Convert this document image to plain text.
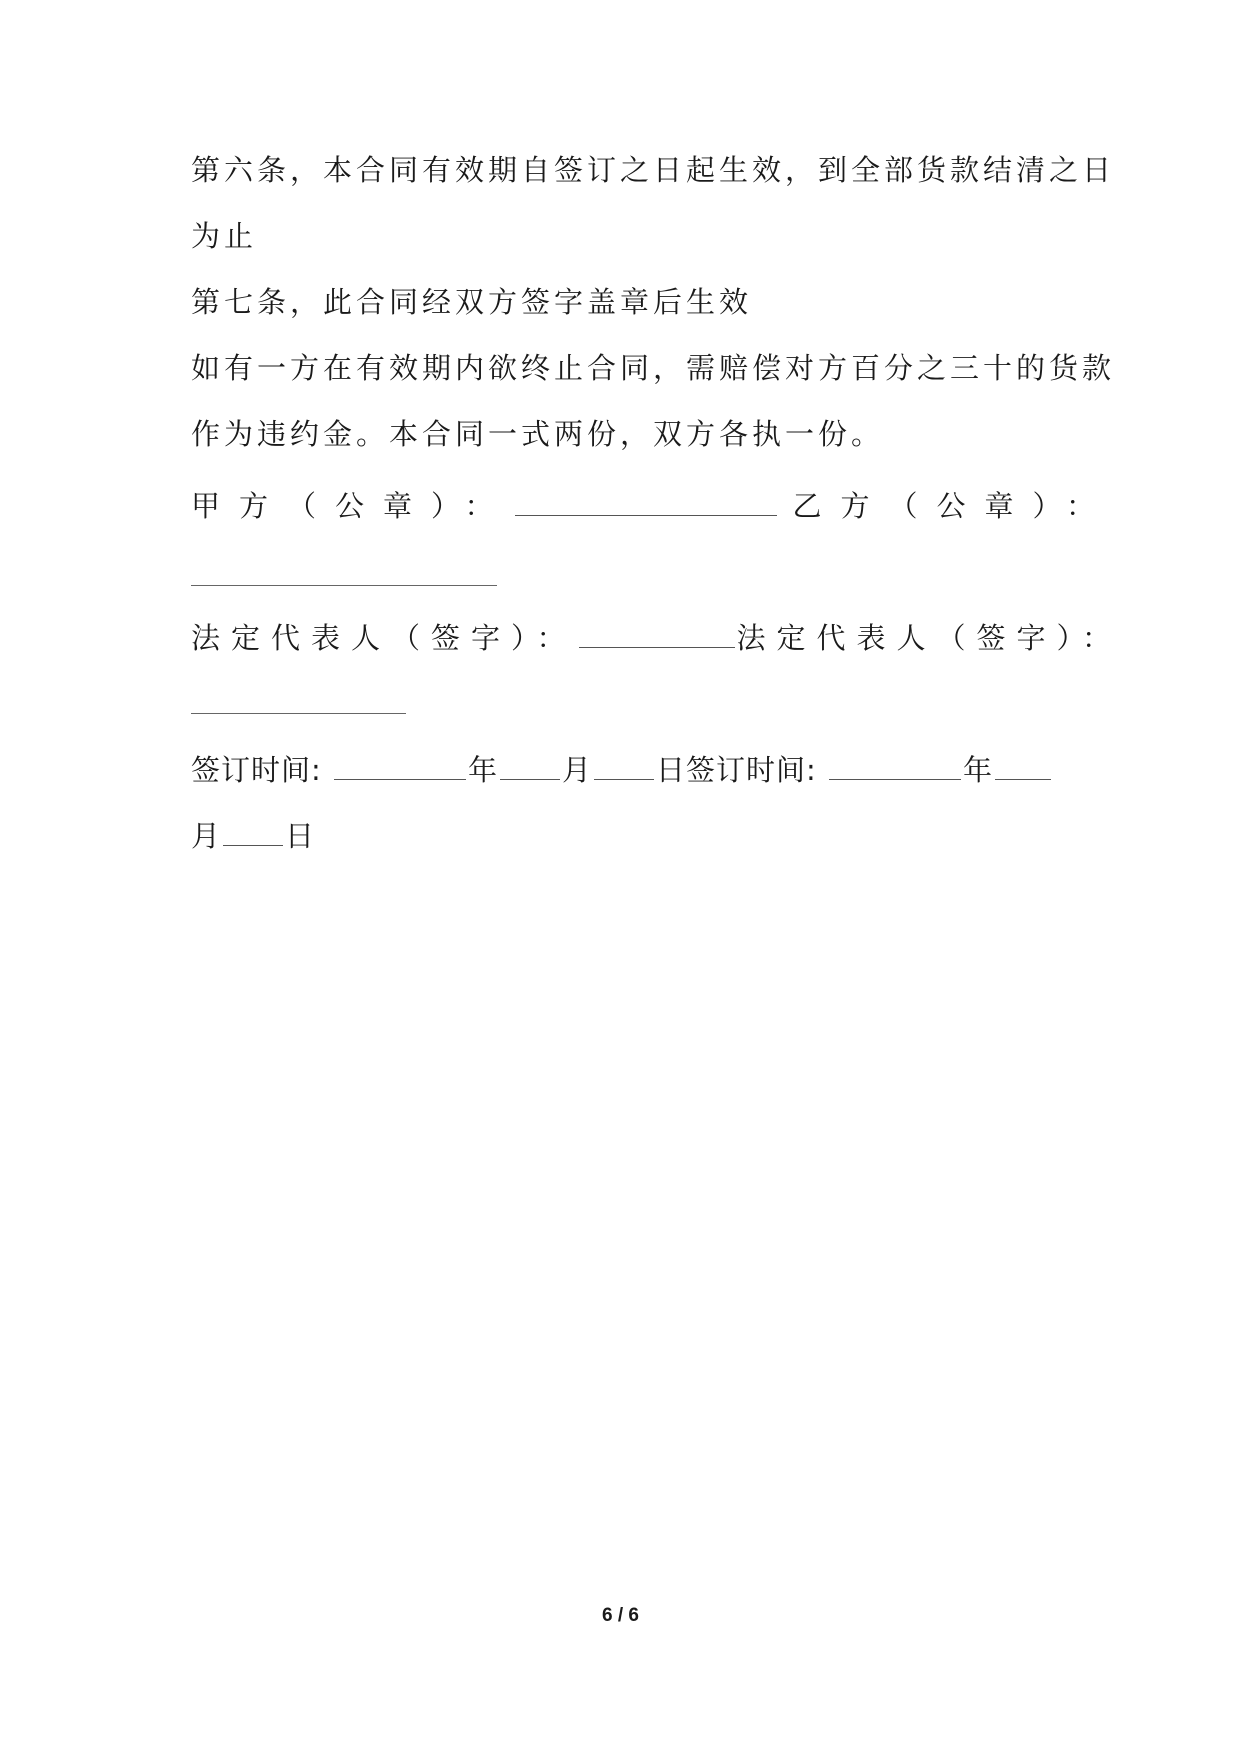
第六条，本合同有效期自签订之日起生效，到全部货款结清之日
为止
第七条，此合同经双方签字盖章后生效
如有一方在有效期内欲终止合同，需赔偿对方百分之三十的货款
作为违约金。本合同一式两份，双方各执一份。
甲方（公章）：	乙方（公章）：
法定代表人（签字）：	法定代表人（签字）：
签订时间:	年 月 日签订时间:	年
月 日
6 / 6
